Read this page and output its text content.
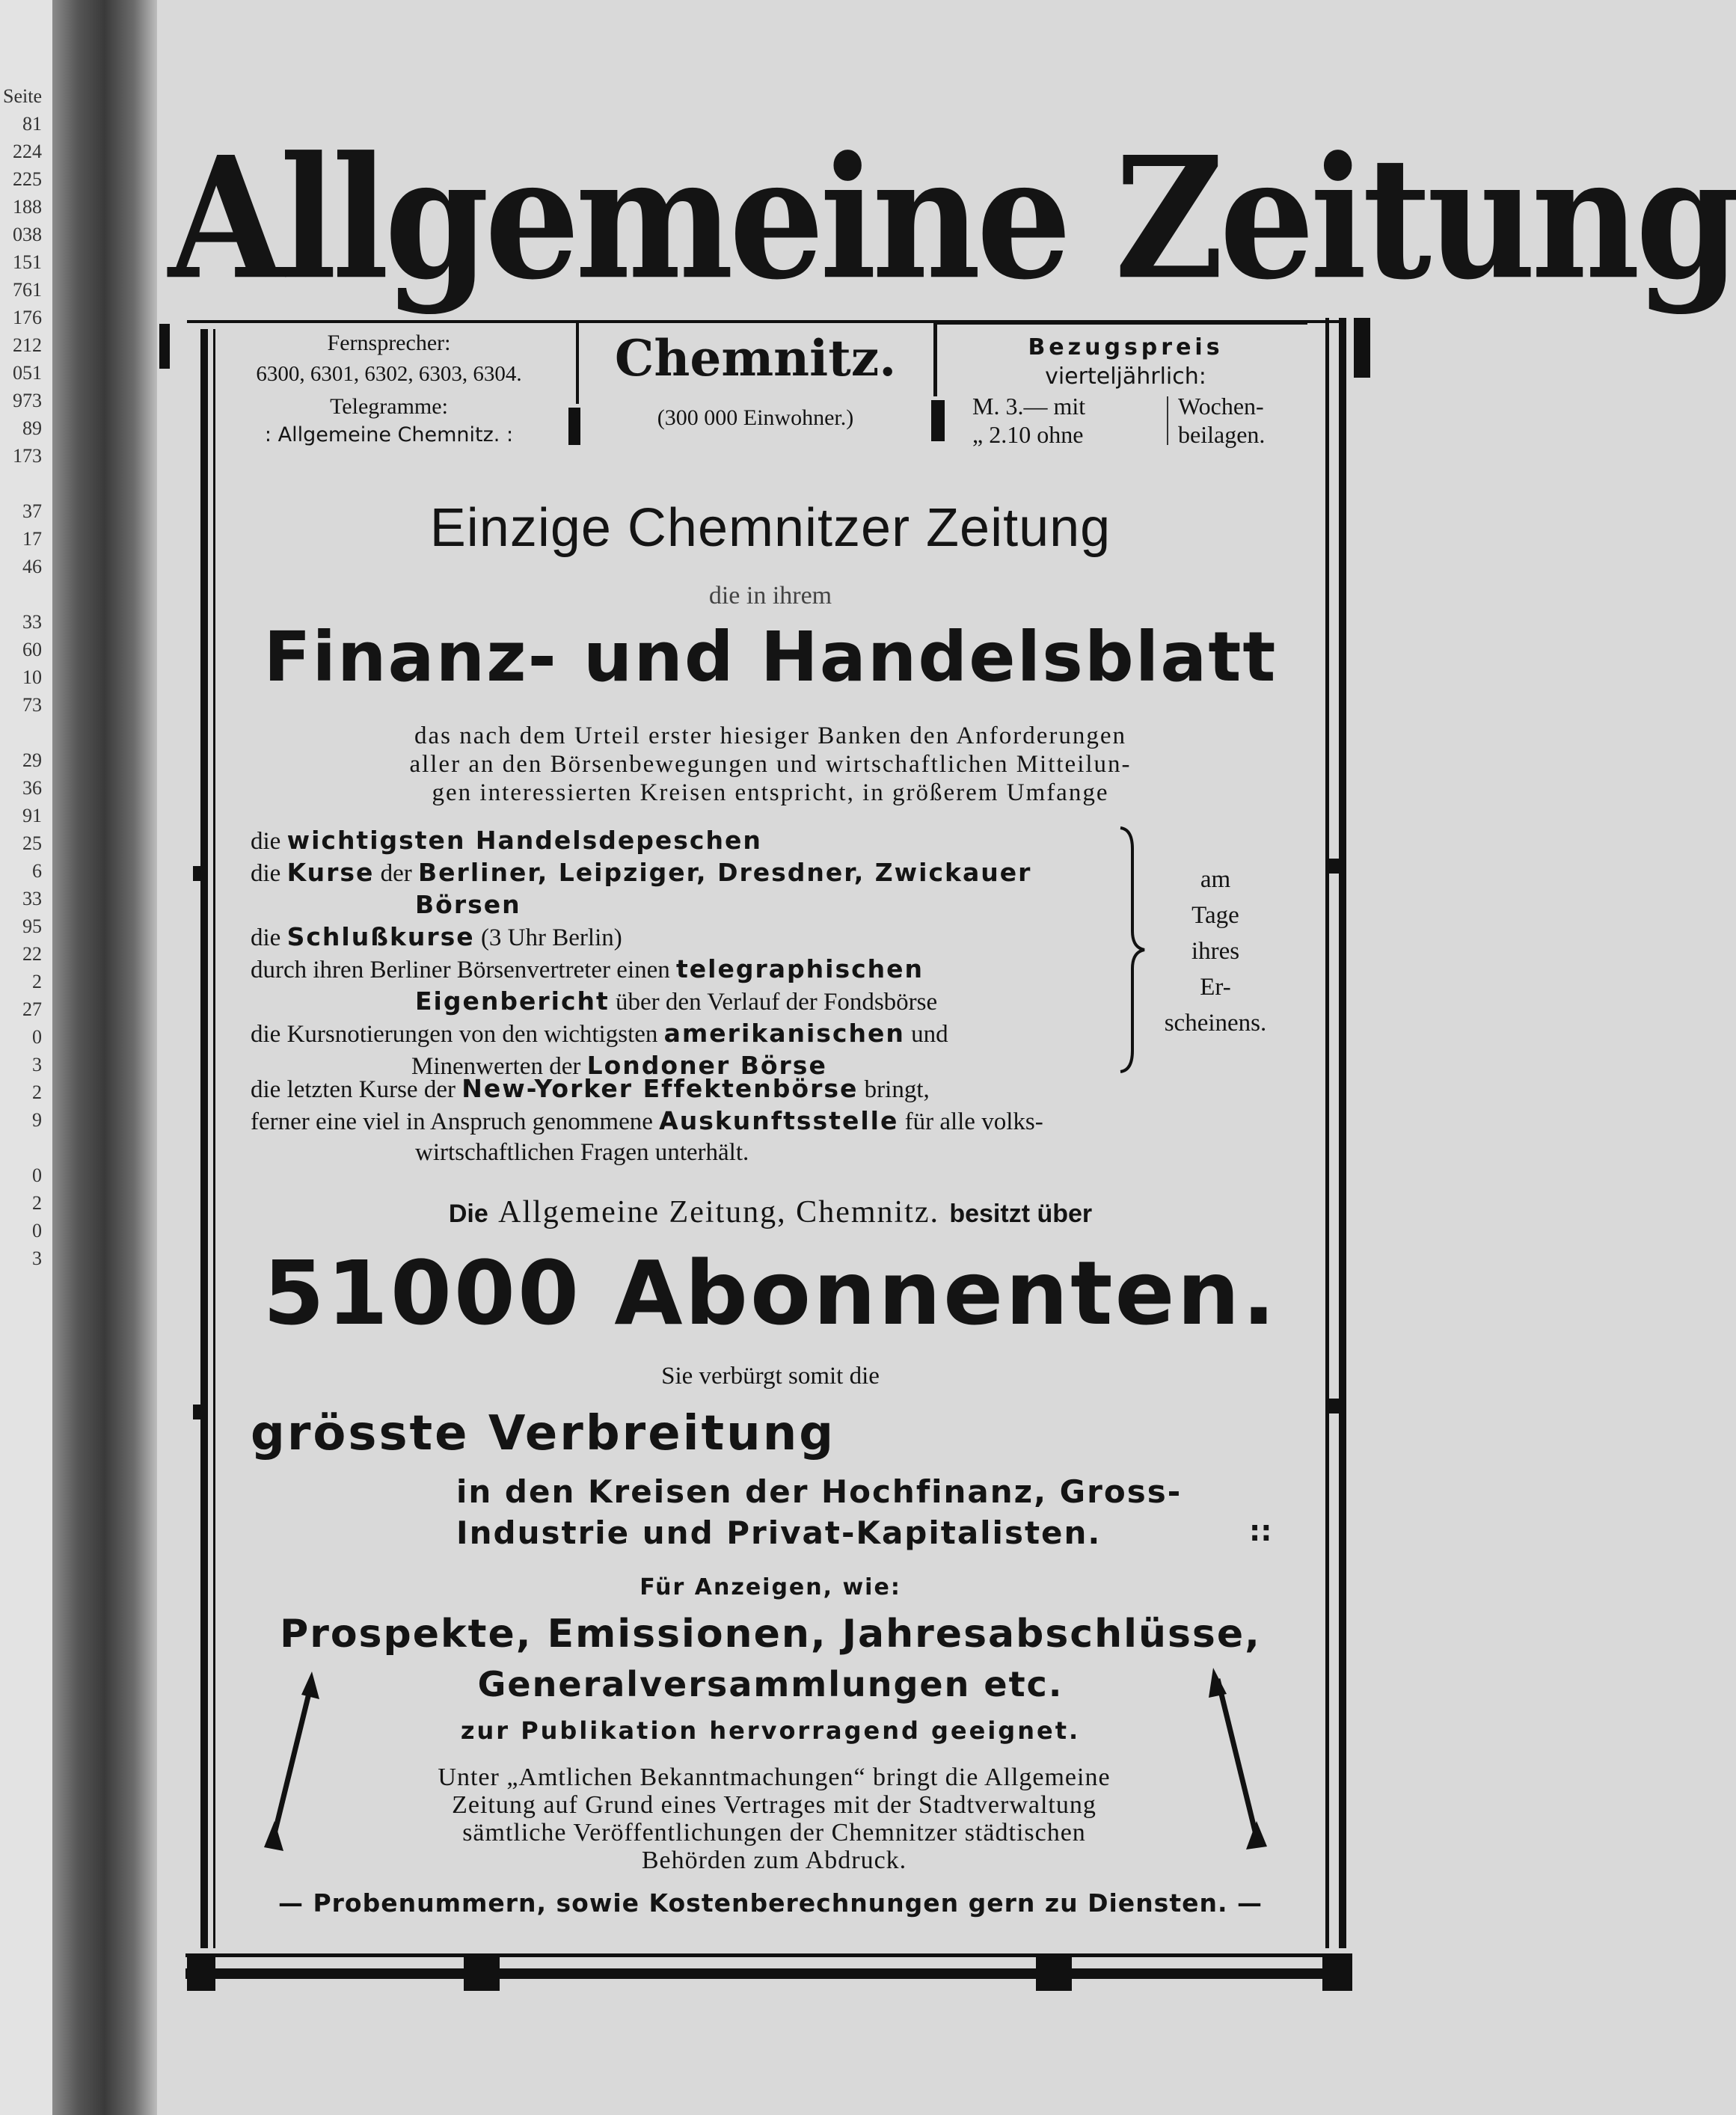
Seite
81
224
225
188
038
151
761
176
212
051
973
89
173

37
17
46

33
60
10
73

29
36
91
25
6
33
95
22
2
27
0
3
2
9

0
2
0
3
Allgemeine Zeitung
Fernsprecher:
6300, 6301, 6302, 6303, 6304.
Telegramme:
: Allgemeine Chemnitz. :
Chemnitz.
(300 000 Einwohner.)
Bezugspreis
vierteljährlich:
M. 3.— mit	Wochen-
„ 2.10 ohne	beilagen.
Einzige Chemnitzer Zeitung
die in ihrem
Finanz- und Handelsblatt
das nach dem Urteil erster hiesiger Banken den Anforderungen
aller an den Börsenbewegungen und wirtschaftlichen Mitteilun-
gen interessierten Kreisen entspricht, in größerem Umfange
die wichtigsten Handelsdepeschen
die Kurse der Berliner, Leipziger, Dresdner, Zwickauer
Börsen
die Schlußkurse (3 Uhr Berlin)
durch ihren Berliner Börsenvertreter einen telegraphischen
Eigenbericht über den Verlauf der Fondsbörse
die Kursnotierungen von den wichtigsten amerikanischen und
Minenwerten der Londoner Börse
am
Tage
ihres
Er-
scheinens.
die letzten Kurse der New-Yorker Effektenbörse bringt,
ferner eine viel in Anspruch genommene Auskunftsstelle für alle volks-
wirtschaftlichen Fragen unterhält.
Die Allgemeine Zeitung, Chemnitz. besitzt über
51000 Abonnenten.
Sie verbürgt somit die
grösste Verbreitung
in den Kreisen der Hochfinanz, Gross-
Industrie und Privat-Kapitalisten.	::
Für Anzeigen, wie:
Prospekte, Emissionen, Jahresabschlüsse,
Generalversammlungen etc.
zur Publikation hervorragend geeignet.
Unter „Amtlichen Bekanntmachungen“ bringt die Allgemeine
Zeitung auf Grund eines Vertrages mit der Stadtverwaltung
sämtliche Veröffentlichungen der Chemnitzer städtischen
Behörden zum Abdruck.
— Probenummern, sowie Kostenberechnungen gern zu Diensten. —
